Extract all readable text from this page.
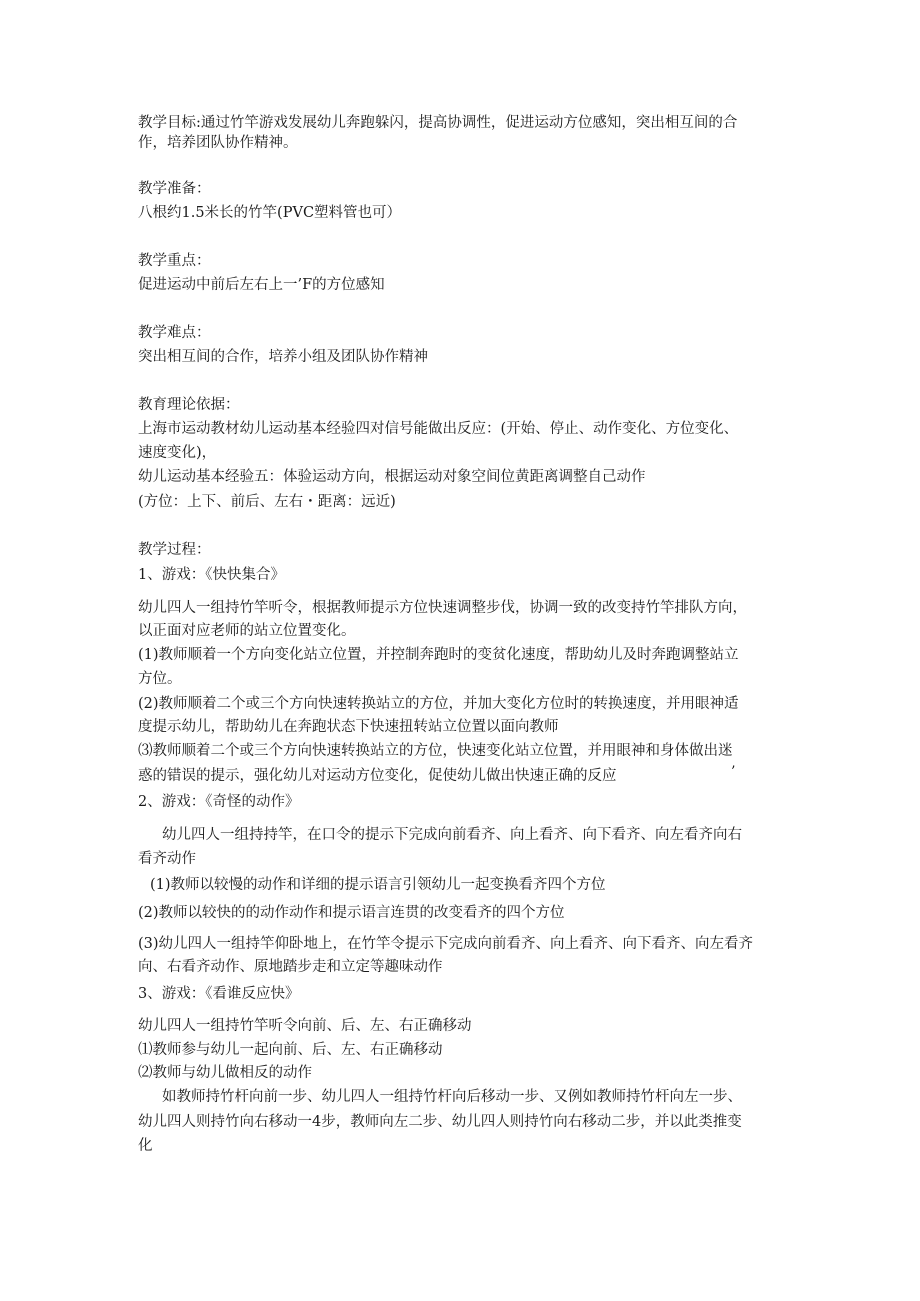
教学目标:通过竹竿游戏发展幼儿奔跑躲闪，提高协调性，促进运动方位感知，突出相互间的合
作，培养团队协作精神。
教学准备：
八根约1.5米长的竹竿(PVC塑料管也可）
教学重点：
促进运动中前后左右上一’F的方位感知
教学难点：
突出相互间的合作，培养小组及团队协作精神
教育理论依据：
上海市运动教材幼儿运动基本经验四对信号能做出反应：(开始、停止、动作变化、方位变化、
速度变化)，
幼儿运动基本经验五：体验运动方向，根据运动对象空间位黄距离调整自己动作
(方位：上下、前后、左右・距离：远近)
教学过程：
1、游戏：《快快集合》
幼儿四人一组持竹竿听令，根据教师提示方位快速调整步伐，协调一致的改变持竹竿排队方向，
以正面对应老师的站立位置变化。
(1)教师顺着一个方向变化站立位置，并控制奔跑时的变贫化速度，帮助幼儿及时奔跑调整站立
方位。
(2)教师顺着二个或三个方向快速转换站立的方位，并加大变化方位时的转换速度，并用眼神适
度提示幼儿，帮助幼儿在奔跑状态下快速扭转站立位置以面向教师
⑶教师顺着二个或三个方向快速转换站立的方位，快速变化站立位置，并用眼神和身体做出迷
惑的错误的提示，强化幼儿对运动方位变化，促使幼儿做出快速正确的反应	’
2、游戏：《奇怪的动作》
幼儿四人一组持持竿，在口令的提示下完成向前看齐、向上看齐、向下看齐、向左看齐向右
看齐动作
(1)教师以较慢的动作和详细的提示语言引领幼儿一起变换看齐四个方位
(2)教师以较快的的动作动作和提示语言连贯的改变看齐的四个方位
(3)幼儿四人一组持竿仰卧地上，在竹竿令提示下完成向前看齐、向上看齐、向下看齐、向左看齐
向、右看齐动作、原地踏步走和立定等趣味动作
3、游戏：《看谁反应快》
幼儿四人一组持竹竿听令向前、后、左、右正确移动
⑴教师参与幼儿一起向前、后、左、右正确移动
⑵教师与幼儿做相反的动作
如教师持竹杆向前一步、幼儿四人一组持竹杆向后移动一步、又例如教师持竹杆向左一步、
幼儿四人则持竹向右移动一4步，教师向左二步、幼儿四人则持竹向右移动二步，并以此类推变
化
